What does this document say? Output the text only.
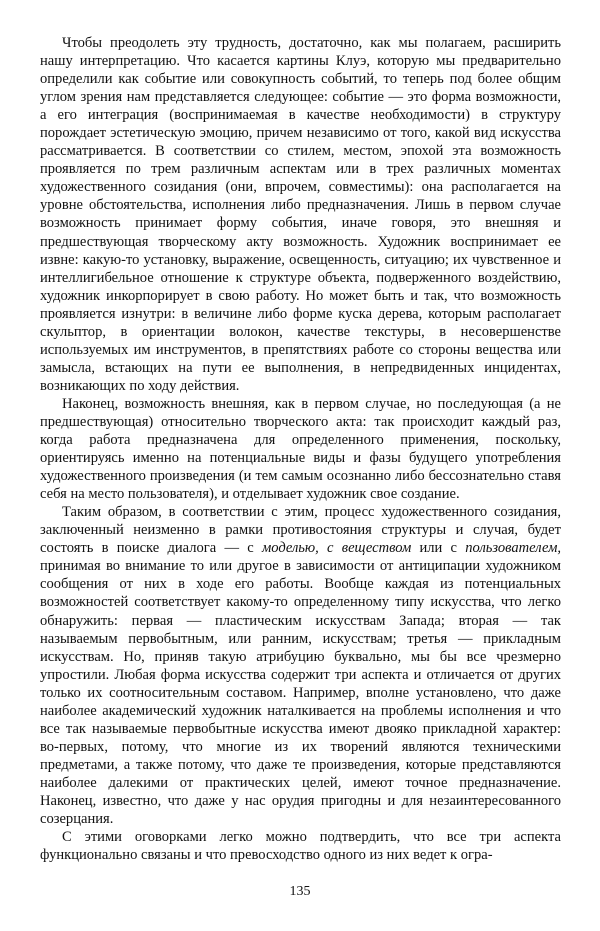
Чтобы преодолеть эту трудность, достаточно, как мы полагаем, расширить нашу интерпретацию. Что касается картины Клуэ, которую мы предварительно определили как событие или совокупность событий, то теперь под более общим углом зрения нам представляется следующее: событие — это форма возможности, а его интеграция (воспринимаемая в качестве необходимости) в структуру порождает эстетическую эмоцию, причем независимо от того, какой вид искусства рассматривается. В соответствии со стилем, местом, эпохой эта возможность проявляется по трем различным аспектам или в трех различных моментах художественного созидания (они, впрочем, совместимы): она располагается на уровне обстоятельства, исполнения либо предназначения. Лишь в первом случае возможность принимает форму события, иначе говоря, это внешняя и предшествующая творческому акту возможность. Художник воспринимает ее извне: какую-то установку, выражение, освещенность, ситуацию; их чувственное и интеллигибельное отношение к структуре объекта, подверженного воздействию, художник инкорпорирует в свою работу. Но может быть и так, что возможность проявляется изнутри: в величине либо форме куска дерева, которым располагает скульптор, в ориентации волокон, качестве текстуры, в несовершенстве используемых им инструментов, в препятствиях работе со стороны вещества или замысла, встающих на пути ее выполнения, в непредвиденных инцидентах, возникающих по ходу действия.

Наконец, возможность внешняя, как в первом случае, но последующая (а не предшествующая) относительно творческого акта: так происходит каждый раз, когда работа предназначена для определенного применения, поскольку, ориентируясь именно на потенциальные виды и фазы будущего употребления художественного произведения (и тем самым осознанно либо бессознательно ставя себя на место пользователя), и отделывает художник свое создание.

Таким образом, в соответствии с этим, процесс художественного созидания, заключенный неизменно в рамки противостояния структуры и случая, будет состоять в поиске диалога — с моделью, с веществом или с пользователем, принимая во внимание то или другое в зависимости от антиципации художником сообщения от них в ходе его работы. Вообще каждая из потенциальных возможностей соответствует какому-то определенному типу искусства, что легко обнаружить: первая — пластическим искусствам Запада; вторая — так называемым первобытным, или ранним, искусствам; третья — прикладным искусствам. Но, приняв такую атрибуцию буквально, мы бы все чрезмерно упростили. Любая форма искусства содержит три аспекта и отличается от других только их соотносительным составом. Например, вполне установлено, что даже наиболее академический художник наталкивается на проблемы исполнения и что все так называемые первобытные искусства имеют двояко прикладной характер: во-первых, потому, что многие из их творений являются техническими предметами, а также потому, что даже те произведения, которые представляются наиболее далекими от практических целей, имеют точное предназначение. Наконец, известно, что даже у нас орудия пригодны и для незаинтересованного созерцания.

С этими оговорками легко можно подтвердить, что все три аспекта функционально связаны и что превосходство одного из них ведет к огра-

135
